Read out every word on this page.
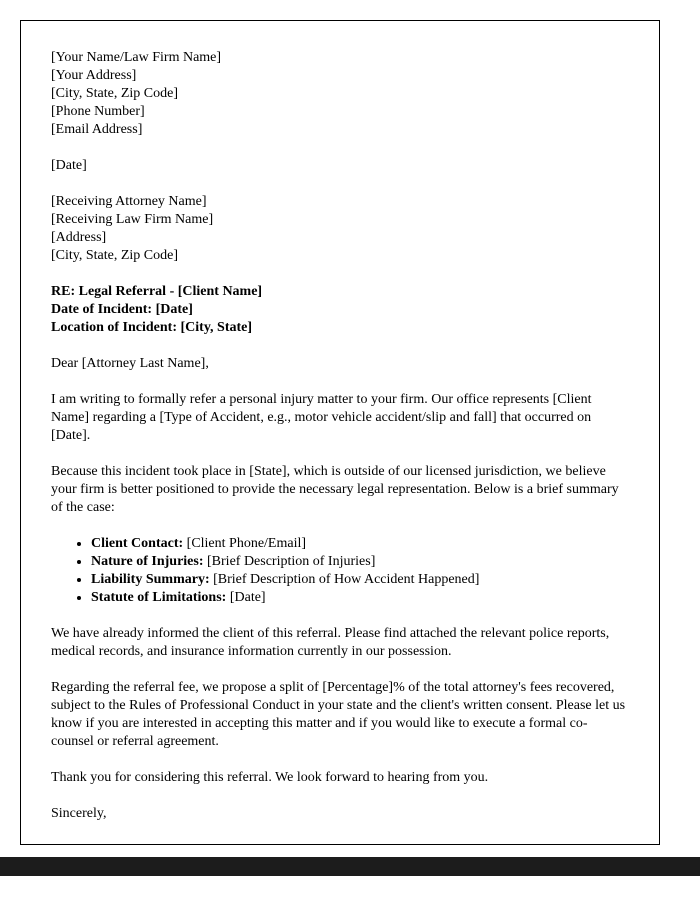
[Your Name/Law Firm Name]
[Your Address]
[City, State, Zip Code]
[Phone Number]
[Email Address]
[Date]
[Receiving Attorney Name]
[Receiving Law Firm Name]
[Address]
[City, State, Zip Code]
RE: Legal Referral - [Client Name]
Date of Incident: [Date]
Location of Incident: [City, State]

Dear [Attorney Last Name],

I am writing to formally refer a personal injury matter to your firm. Our office represents [Client Name] regarding a [Type of Accident, e.g., motor vehicle accident/slip and fall] that occurred on [Date].

Because this incident took place in [State], which is outside of our licensed jurisdiction, we believe your firm is better positioned to provide the necessary legal representation. Below is a brief summary of the case:

• Client Contact: [Client Phone/Email]
• Nature of Injuries: [Brief Description of Injuries]
• Liability Summary: [Brief Description of How Accident Happened]
• Statute of Limitations: [Date]

We have already informed the client of this referral. Please find attached the relevant police reports, medical records, and insurance information currently in our possession.

Regarding the referral fee, we propose a split of [Percentage]% of the total attorney's fees recovered, subject to the Rules of Professional Conduct in your state and the client's written consent. Please let us know if you are interested in accepting this matter and if you would like to execute a formal co-counsel or referral agreement.

Thank you for considering this referral. We look forward to hearing from you.

Sincerely,
